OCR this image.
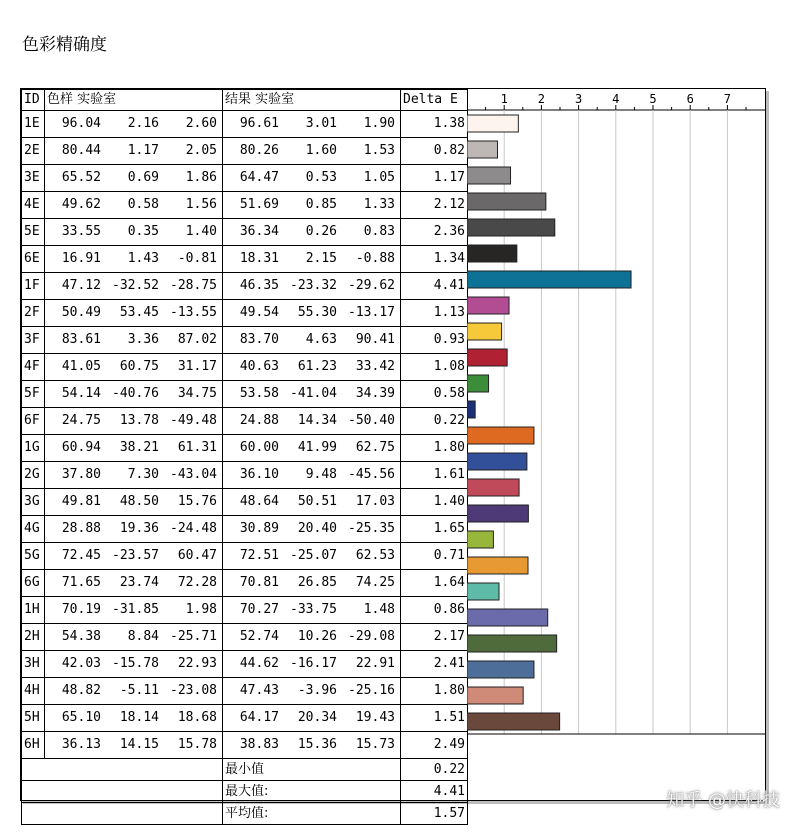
色彩精确度
ID	色样 实验室	结果 实验室	Delta E
1E	96.04 2.16 2.60	96.61 3.01 1.90	1.38
2E	80.44 1.17 2.05	80.26 1.60 1.53	0.82
3E	65.52 0.69 1.86	64.47 0.53 1.05	1.17
4E	49.62 0.58 1.56	51.69 0.85 1.33	2.12
5E	33.55 0.35 1.40	36.34 0.26 0.83	2.36
6E	16.91 1.43 -0.81	18.31 2.15 -0.88	1.34
1F	47.12 -32.52 -28.75	46.35 -23.32 -29.62	4.41
2F	50.49 53.45 -13.55	49.54 55.30 -13.17	1.13
3F	83.61 3.36 87.02	83.70 4.63 90.41	0.93
4F	41.05 60.75 31.17	40.63 61.23 33.42	1.08
5F	54.14 -40.76 34.75	53.58 -41.04 34.39	0.58
6F	24.75 13.78 -49.48	24.88 14.34 -50.40	0.22
1G	60.94 38.21 61.31	60.00 41.99 62.75	1.80
2G	37.80 7.30 -43.04	36.10 9.48 -45.56	1.61
3G	49.81 48.50 15.76	48.64 50.51 17.03	1.40
4G	28.88 19.36 -24.48	30.89 20.40 -25.35	1.65
5G	72.45 -23.57 60.47	72.51 -25.07 62.53	0.71
6G	71.65 23.74 72.28	70.81 26.85 74.25	1.64
1H	70.19 -31.85 1.98	70.27 -33.75 1.48	0.86
2H	54.38 8.84 -25.71	52.74 10.26 -29.08	2.17
3H	42.03 -15.78 22.93	44.62 -16.17 22.91	2.41
4H	48.82 -5.11 -23.08	47.43 -3.96 -25.16	1.80
5H	65.10 18.14 18.68	64.17 20.34 19.43	1.51
6H	36.13 14.15 15.78	38.83 15.36 15.73	2.49
		最小值	0.22
		最大值:	4.41
		平均值:	1.57
1 2 3 4 5 6 7
知乎 @快科技
